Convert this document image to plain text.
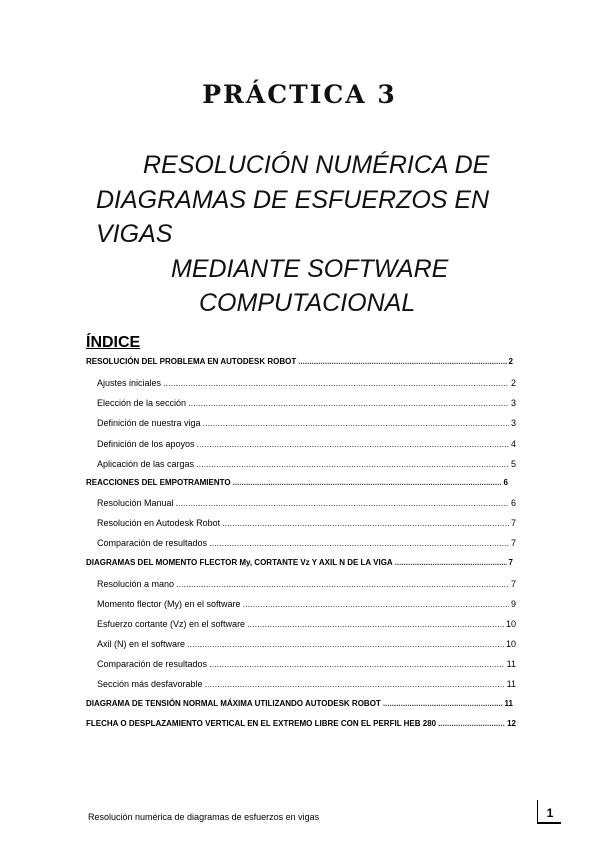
PRÁCTICA 3
RESOLUCIÓN NUMÉRICA DE
DIAGRAMAS DE ESFUERZOS EN
VIGAS
MEDIANTE SOFTWARE
COMPUTACIONAL
ÍNDICE
RESOLUCIÓN DEL PROBLEMA EN AUTODESK ROBOT .....	2
Ajustes iniciales .....	2
Elección de la sección .....	3
Definición de nuestra viga .....	3
Definición de los apoyos .....	4
Aplicación de las cargas .....	5
REACCIONES DEL EMPOTRAMIENTO .....	6
Resolución Manual .....	6
Resolución en Autodesk Robot .....	7
Comparación de resultados .....	7
DIAGRAMAS DEL MOMENTO FLECTOR My, CORTANTE Vz Y AXIL N DE LA VIGA .....	7
Resolución a mano .....	7
Momento flector (My) en el software .....	9
Esfuerzo cortante (Vz) en el software .....	10
Axil (N) en el software .....	10
Comparación de resultados .....	11
Sección más desfavorable .....	11
DIAGRAMA DE TENSIÓN NORMAL MÁXIMA UTILIZANDO AUTODESK ROBOT .....	11
FLECHA O DESPLAZAMIENTO VERTICAL EN EL EXTREMO LIBRE CON EL PERFIL HEB 280 .....	12
Resolución numérica de diagramas de esfuerzos en vigas	1
